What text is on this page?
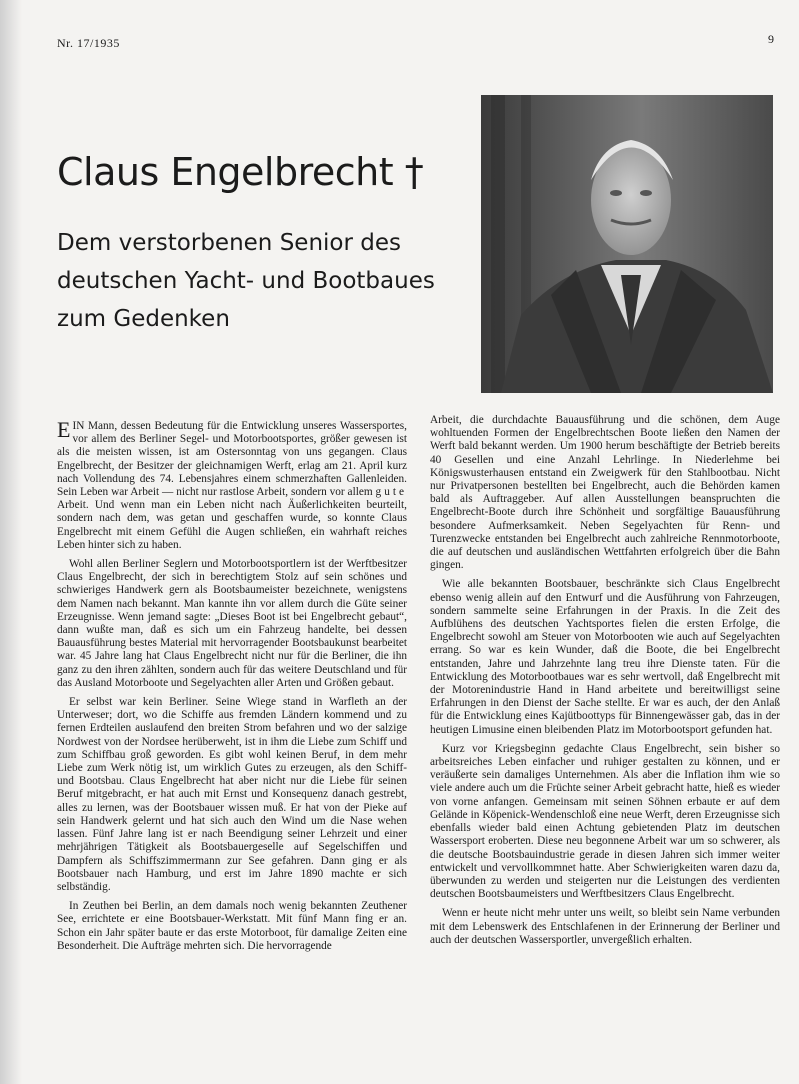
Nr. 17/1935	9
Claus Engelbrecht †
Dem verstorbenen Senior des
deutschen Yacht- und Bootbaues
zum Gedenken

EIN Mann, dessen Bedeutung für die Entwicklung unseres Wassersportes, vor allem des Berliner Segel- und Motorbootsportes, größer gewesen ist als die meisten wissen, ist am Ostersonntag von uns gegangen. Claus Engelbrecht, der Besitzer der gleichnamigen Werft, erlag am 21. April kurz nach Vollendung des 74. Lebensjahres einem schmerzhaften Gallenleiden. Sein Leben war Arbeit — nicht nur rastlose Arbeit, sondern vor allem gute Arbeit. Und wenn man ein Leben nicht nach Äußerlichkeiten beurteilt, sondern nach dem, was getan und geschaffen wurde, so konnte Claus Engelbrecht mit einem Gefühl die Augen schließen, ein wahrhaft reiches Leben hinter sich zu haben.

Wohl allen Berliner Seglern und Motorbootsportlern ist der Werftbesitzer Claus Engelbrecht, der sich in berechtigtem Stolz auf sein schönes und schwieriges Handwerk gern als Bootsbaumeister bezeichnete, wenigstens dem Namen nach bekannt. Man kannte ihn vor allem durch die Güte seiner Erzeugnisse. Wenn jemand sagte: „Dieses Boot ist bei Engelbrecht gebaut“, dann wußte man, daß es sich um ein Fahrzeug handelte, bei dessen Bauausführung bestes Material mit hervorragender Bootsbaukunst bearbeitet war. 45 Jahre lang hat Claus Engelbrecht nicht nur für die Berliner, die ihn ganz zu den ihren zählten, sondern auch für das weitere Deutschland und für das Ausland Motorboote und Segelyachten aller Arten und Größen gebaut.

Er selbst war kein Berliner. Seine Wiege stand in Warfleth an der Unterweser; dort, wo die Schiffe aus fremden Ländern kommend und zu fernen Erdteilen auslaufend den breiten Strom befahren und wo der salzige Nordwest von der Nordsee herüberweht, ist in ihm die Liebe zum Schiff und zum Schiffbau groß geworden. Es gibt wohl keinen Beruf, in dem mehr Liebe zum Werk nötig ist, um wirklich Gutes zu erzeugen, als den Schiff- und Bootsbau. Claus Engelbrecht hat aber nicht nur die Liebe für seinen Beruf mitgebracht, er hat auch mit Ernst und Konsequenz danach gestrebt, alles zu lernen, was der Bootsbauer wissen muß. Er hat von der Pieke auf sein Handwerk gelernt und hat sich auch den Wind um die Nase wehen lassen. Fünf Jahre lang ist er nach Beendigung seiner Lehrzeit und einer mehrjährigen Tätigkeit als Bootsbauergeselle auf Segelschiffen und Dampfern als Schiffszimmermann zur See gefahren. Dann ging er als Bootsbauer nach Hamburg, und erst im Jahre 1890 machte er sich selbständig.

In Zeuthen bei Berlin, an dem damals noch wenig bekannten Zeuthener See, errichtete er eine Bootsbauer-Werkstatt. Mit fünf Mann fing er an. Schon ein Jahr später baute er das erste Motorboot, für damalige Zeiten eine Besonderheit. Die Aufträge mehrten sich. Die hervorragende

Arbeit, die durchdachte Bauausführung und die schönen, dem Auge wohltuenden Formen der Engelbrechtschen Boote ließen den Namen der Werft bald bekannt werden. Um 1900 herum beschäftigte der Betrieb bereits 40 Gesellen und eine Anzahl Lehrlinge. In Niederlehme bei Königswusterhausen entstand ein Zweigwerk für den Stahlbootbau. Nicht nur Privatpersonen bestellten bei Engelbrecht, auch die Behörden kamen bald als Auftraggeber. Auf allen Ausstellungen beanspruchten die Engelbrecht-Boote durch ihre Schönheit und sorgfältige Bauausführung besondere Aufmerksamkeit. Neben Segelyachten für Renn- und Turenzwecke entstanden bei Engelbrecht auch zahlreiche Rennmotorboote, die auf deutschen und ausländischen Wettfahrten erfolgreich über die Bahn gingen.

Wie alle bekannten Bootsbauer, beschränkte sich Claus Engelbrecht ebenso wenig allein auf den Entwurf und die Ausführung von Fahrzeugen, sondern sammelte seine Erfahrungen in der Praxis. In die Zeit des Aufblühens des deutschen Yachtsportes fielen die ersten Erfolge, die Engelbrecht sowohl am Steuer von Motorbooten wie auch auf Segelyachten errang. So war es kein Wunder, daß die Boote, die bei Engelbrecht entstanden, Jahre und Jahrzehnte lang treu ihre Dienste taten. Für die Entwicklung des Motorbootbaues war es sehr wertvoll, daß Engelbrecht mit der Motorenindustrie Hand in Hand arbeitete und bereitwilligst seine Erfahrungen in den Dienst der Sache stellte. Er war es auch, der den Anlaß für die Entwicklung eines Kajütboottyps für Binnengewässer gab, das in der heutigen Limusine einen bleibenden Platz im Motorbootsport gefunden hat.

Kurz vor Kriegsbeginn gedachte Claus Engelbrecht, sein bisher so arbeitsreiches Leben einfacher und ruhiger gestalten zu können, und er veräußerte sein damaliges Unternehmen. Als aber die Inflation ihm wie so viele andere auch um die Früchte seiner Arbeit gebracht hatte, hieß es wieder von vorne anfangen. Gemeinsam mit seinen Söhnen erbaute er auf dem Gelände in Köpenick-Wendenschloß eine neue Werft, deren Erzeugnisse sich ebenfalls wieder bald einen Achtung gebietenden Platz im deutschen Wassersport eroberten. Diese neu begonnene Arbeit war um so schwerer, als die deutsche Bootsbauindustrie gerade in diesen Jahren sich immer weiter entwickelt und vervollkommnet hatte. Aber Schwierigkeiten waren dazu da, überwunden zu werden und steigerten nur die Leistungen des verdienten deutschen Bootsbaumeisters und Werftbesitzers Claus Engelbrecht.

Wenn er heute nicht mehr unter uns weilt, so bleibt sein Name verbunden mit dem Lebenswerk des Entschlafenen in der Erinnerung der Berliner und auch der deutschen Wassersportler, unvergeßlich erhalten.
